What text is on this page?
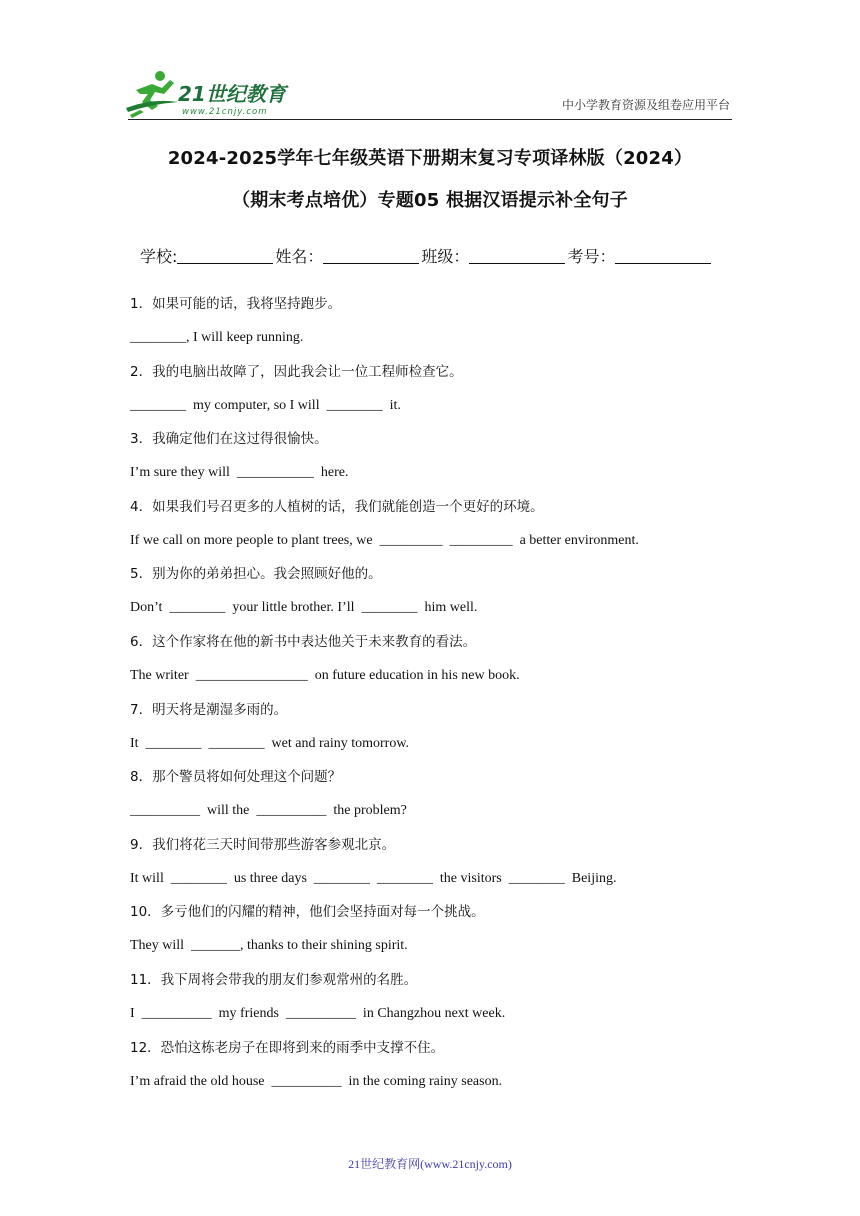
21世纪教育
www.21cnjy.com	中小学教育资源及组卷应用平台
2024-2025学年七年级英语下册期末复习专项译林版（2024）
（期末考点培优）专题05 根据汉语提示补全句子
学校:	姓名：	班级：	考号：
1．如果可能的话，我将坚持跑步。
________, I will keep running.
2．我的电脑出故障了，因此我会让一位工程师检查它。
________  my computer, so I will  ________  it.
3．我确定他们在这过得很愉快。
I’m sure they will  ___________  here.
4．如果我们号召更多的人植树的话，我们就能创造一个更好的环境。
If we call on more people to plant trees, we  _________  _________  a better environment.
5．别为你的弟弟担心。我会照顾好他的。
Don’t  ________  your little brother. I’ll  ________  him well.
6．这个作家将在他的新书中表达他关于未来教育的看法。
The writer  ________________  on future education in his new book.
7．明天将是潮湿多雨的。
It  ________  ________  wet and rainy tomorrow.
8．那个警员将如何处理这个问题？
__________  will the  __________  the problem?
9．我们将花三天时间带那些游客参观北京。
It will  ________  us three days  ________  ________  the visitors  ________  Beijing.
10．多亏他们的闪耀的精神，他们会坚持面对每一个挑战。
They will  _______, thanks to their shining spirit.
11．我下周将会带我的朋友们参观常州的名胜。
I  __________  my friends  __________  in Changzhou next week.
12．恐怕这栋老房子在即将到来的雨季中支撑不住。
I’m afraid the old house  __________  in the coming rainy season.
21世纪教育网(www.21cnjy.com)
